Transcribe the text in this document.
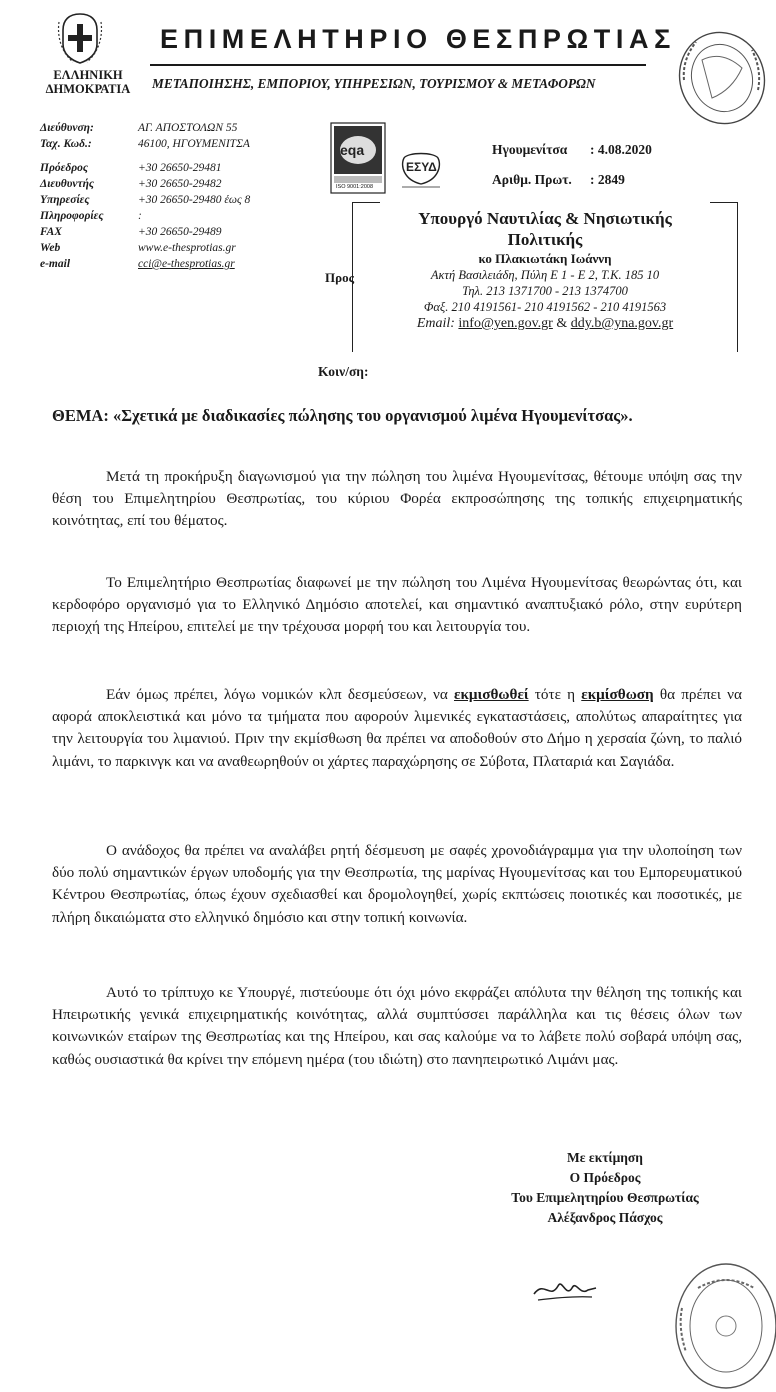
ΕΛΛΗΝΙΚΗ
ΔΗΜΟΚΡΑΤΙΑ
ΕΠΙΜΕΛΗΤΗΡΙΟ ΘΕΣΠΡΩΤΙΑΣ
ΜΕΤΑΠΟΙΗΣΗΣ, ΕΜΠΟΡΙΟΥ, ΥΠΗΡΕΣΙΩΝ, ΤΟΥΡΙΣΜΟΥ & ΜΕΤΑΦΟΡΩΝ
Διεύθυνση:	ΑΓ. ΑΠΟΣΤΟΛΩΝ 55
Ταχ. Κωδ.:	46100, ΗΓΟΥΜΕΝΙΤΣΑ
Πρόεδρος	+30 26650-29481
Διευθυντής	+30 26650-29482
Υπηρεσίες	+30 26650-29480 έως 8
Πληροφορίες	:
FAX	+30 26650-29489
Web	www.e-thesprotias.gr
e-mail	cci@e-thesprotias.gr
eqa
ISO 9001:2008
ΕΣΥΔ
Ηγουμενίτσα	: 4.08.2020
Αριθμ. Πρωτ.	: 2849
Προς
Υπουργό Ναυτιλίας & Νησιωτικής
Πολιτικής
κο Πλακιωτάκη Ιωάννη
Ακτή Βασιλειάδη, Πύλη Ε 1 - Ε 2, Τ.Κ. 185 10
Τηλ. 213 1371700 - 213 1374700
Φαξ. 210 4191561- 210 4191562 - 210 4191563
Email: info@yen.gov.gr & ddy.b@yna.gov.gr
Κοιν/ση:
ΘΕΜΑ: «Σχετικά με διαδικασίες πώλησης του οργανισμού λιμένα Ηγουμενίτσας».
Μετά τη προκήρυξη διαγωνισμού για την πώληση του λιμένα Ηγουμενίτσας, θέτουμε υπόψη σας την θέση του Επιμελητηρίου Θεσπρωτίας, του κύριου Φορέα εκπροσώπησης της τοπικής επιχειρηματικής κοινότητας, επί του θέματος.
Το Επιμελητήριο Θεσπρωτίας διαφωνεί με την πώληση του Λιμένα Ηγουμενίτσας θεωρώντας ότι, και κερδοφόρο οργανισμό για το Ελληνικό Δημόσιο αποτελεί, και σημαντικό αναπτυξιακό ρόλο, στην ευρύτερη περιοχή της Ηπείρου, επιτελεί με την τρέχουσα μορφή του και λειτουργία του.
Εάν όμως πρέπει, λόγω νομικών κλπ δεσμεύσεων, να εκμισθωθεί τότε η εκμίσθωση θα πρέπει να αφορά αποκλειστικά και μόνο τα τμήματα που αφορούν λιμενικές εγκαταστάσεις, απολύτως απαραίτητες για την λειτουργία του λιμανιού. Πριν την εκμίσθωση θα πρέπει να αποδοθούν στο Δήμο η χερσαία ζώνη, το παλιό λιμάνι, το παρκινγκ και να αναθεωρηθούν οι χάρτες παραχώρησης σε Σύβοτα, Πλαταριά και Σαγιάδα.
Ο ανάδοχος θα πρέπει να αναλάβει ρητή δέσμευση με σαφές χρονοδιάγραμμα για την υλοποίηση των δύο πολύ σημαντικών έργων υποδομής για την Θεσπρωτία, της μαρίνας Ηγουμενίτσας και του Εμπορευματικού Κέντρου Θεσπρωτίας, όπως έχουν σχεδιασθεί και δρομολογηθεί, χωρίς εκπτώσεις ποιοτικές και ποσοτικές, με πλήρη δικαιώματα στο ελληνικό δημόσιο και στην τοπική κοινωνία.
Αυτό το τρίπτυχο κε Υπουργέ, πιστεύουμε ότι όχι μόνο εκφράζει απόλυτα την θέληση της τοπικής και Ηπειρωτικής γενικά επιχειρηματικής κοινότητας, αλλά συμπτύσσει παράλληλα και τις θέσεις όλων των κοινωνικών εταίρων της Θεσπρωτίας και της Ηπείρου, και σας καλούμε να το λάβετε πολύ σοβαρά υπόψη σας, καθώς ουσιαστικά θα κρίνει την επόμενη ημέρα (του ιδιώτη) στο πανηπειρωτικό Λιμάνι μας.
Με εκτίμηση
Ο Πρόεδρος
Του Επιμελητηρίου Θεσπρωτίας
Αλέξανδρος Πάσχος
